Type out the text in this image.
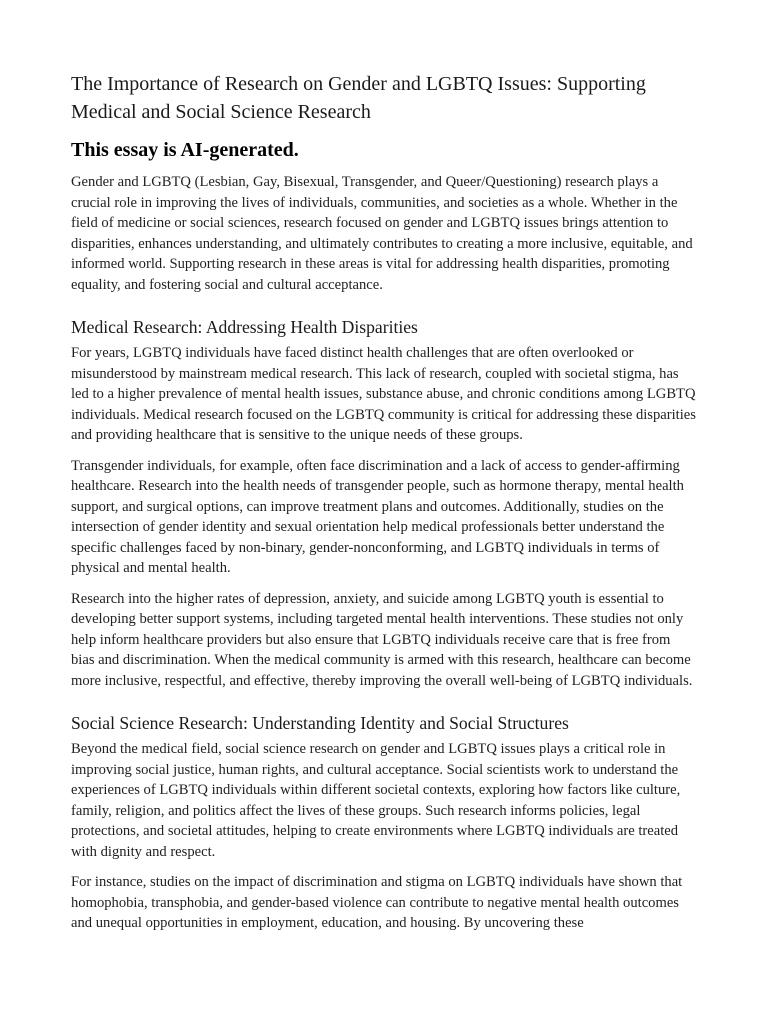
The Importance of Research on Gender and LGBTQ Issues: Supporting Medical and Social Science Research
This essay is AI-generated.

Gender and LGBTQ (Lesbian, Gay, Bisexual, Transgender, and Queer/Questioning) research plays a crucial role in improving the lives of individuals, communities, and societies as a whole. Whether in the field of medicine or social sciences, research focused on gender and LGBTQ issues brings attention to disparities, enhances understanding, and ultimately contributes to creating a more inclusive, equitable, and informed world. Supporting research in these areas is vital for addressing health disparities, promoting equality, and fostering social and cultural acceptance.

Medical Research: Addressing Health Disparities

For years, LGBTQ individuals have faced distinct health challenges that are often overlooked or misunderstood by mainstream medical research. This lack of research, coupled with societal stigma, has led to a higher prevalence of mental health issues, substance abuse, and chronic conditions among LGBTQ individuals. Medical research focused on the LGBTQ community is critical for addressing these disparities and providing healthcare that is sensitive to the unique needs of these groups.

Transgender individuals, for example, often face discrimination and a lack of access to gender-affirming healthcare. Research into the health needs of transgender people, such as hormone therapy, mental health support, and surgical options, can improve treatment plans and outcomes. Additionally, studies on the intersection of gender identity and sexual orientation help medical professionals better understand the specific challenges faced by non-binary, gender-nonconforming, and LGBTQ individuals in terms of physical and mental health.

Research into the higher rates of depression, anxiety, and suicide among LGBTQ youth is essential to developing better support systems, including targeted mental health interventions. These studies not only help inform healthcare providers but also ensure that LGBTQ individuals receive care that is free from bias and discrimination. When the medical community is armed with this research, healthcare can become more inclusive, respectful, and effective, thereby improving the overall well-being of LGBTQ individuals.

Social Science Research: Understanding Identity and Social Structures

Beyond the medical field, social science research on gender and LGBTQ issues plays a critical role in improving social justice, human rights, and cultural acceptance. Social scientists work to understand the experiences of LGBTQ individuals within different societal contexts, exploring how factors like culture, family, religion, and politics affect the lives of these groups. Such research informs policies, legal protections, and societal attitudes, helping to create environments where LGBTQ individuals are treated with dignity and respect.

For instance, studies on the impact of discrimination and stigma on LGBTQ individuals have shown that homophobia, transphobia, and gender-based violence can contribute to negative mental health outcomes and unequal opportunities in employment, education, and housing. By uncovering these
